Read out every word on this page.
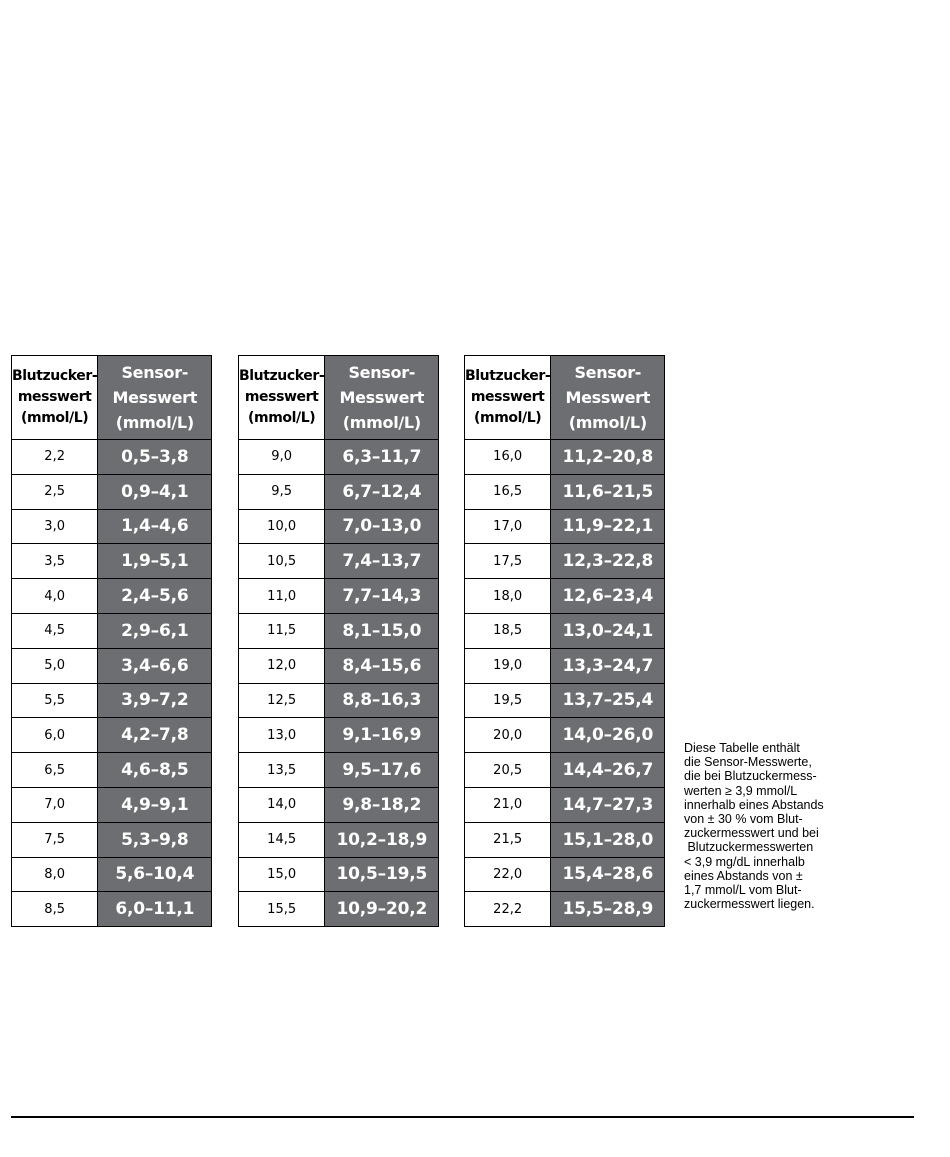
Blutzucker-
messwert
(mmol/L)	Sensor-
Messwert
(mmol/L)
2,2	0,5–3,8
2,5	0,9–4,1
3,0	1,4–4,6
3,5	1,9–5,1
4,0	2,4–5,6
4,5	2,9–6,1
5,0	3,4–6,6
5,5	3,9–7,2
6,0	4,2–7,8
6,5	4,6–8,5
7,0	4,9–9,1
7,5	5,3–9,8
8,0	5,6–10,4
8,5	6,0–11,1
Blutzucker-
messwert
(mmol/L)	Sensor-
Messwert
(mmol/L)
9,0	6,3–11,7
9,5	6,7–12,4
10,0	7,0–13,0
10,5	7,4–13,7
11,0	7,7–14,3
11,5	8,1–15,0
12,0	8,4–15,6
12,5	8,8–16,3
13,0	9,1–16,9
13,5	9,5–17,6
14,0	9,8–18,2
14,5	10,2–18,9
15,0	10,5–19,5
15,5	10,9–20,2
Blutzucker-
messwert
(mmol/L)	Sensor-
Messwert
(mmol/L)
16,0	11,2–20,8
16,5	11,6–21,5
17,0	11,9–22,1
17,5	12,3–22,8
18,0	12,6–23,4
18,5	13,0–24,1
19,0	13,3–24,7
19,5	13,7–25,4
20,0	14,0–26,0
20,5	14,4–26,7
21,0	14,7–27,3
21,5	15,1–28,0
22,0	15,4–28,6
22,2	15,5–28,9
Diese Tabelle enthält
die Sensor-Messwerte,
die bei Blutzuckermess-
werten ≥ 3,9 mmol/L
innerhalb eines Abstands
von ± 30 % vom Blut-
zuckermesswert und bei
Blutzuckermesswerten
< 3,9 mg/dL innerhalb
eines Abstands von ±
1,7 mmol/L vom Blut-
zuckermesswert liegen.
